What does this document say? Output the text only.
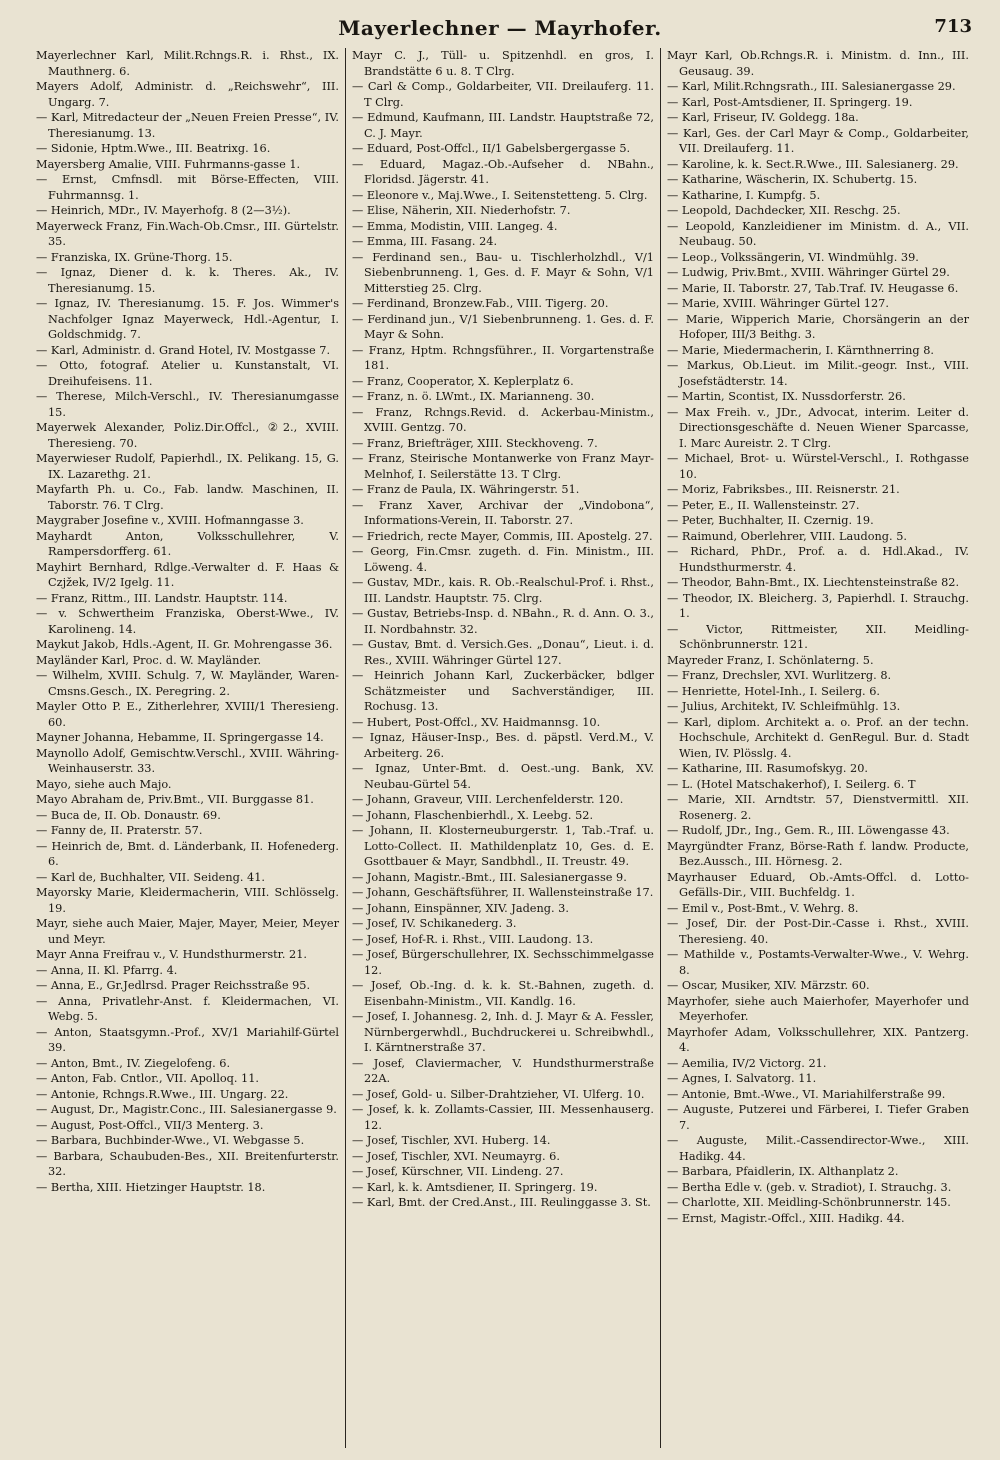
Mayerlechner — Mayrhofer.	713
Mayerlechner Karl, Milit.Rchngs.R. i. Rhst., IX. Mauthnerg. 6.
Mayers Adolf, Administr. d. „Reichswehr“, III. Ungarg. 7.
— Karl, Mitredacteur der „Neuen Freien Presse“, IV. Theresianumg. 13.
— Sidonie, Hptm.Wwe., III. Beatrixg. 16.
Mayersberg Amalie, VIII. Fuhrmanns-gasse 1.
— Ernst, Cmfnsdl. mit Börse-Effecten, VIII. Fuhrmannsg. 1.
— Heinrich, MDr., IV. Mayerhofg. 8 (2—3½).
Mayerweck Franz, Fin.Wach-Ob.Cmsr., III. Gürtelstr. 35.
— Franziska, IX. Grüne-Thorg. 15.
— Ignaz, Diener d. k. k. Theres. Ak., IV. Theresianumg. 15.
— Ignaz, IV. Theresianumg. 15. F. Jos. Wimmer's Nachfolger Ignaz Mayerweck, Hdl.-Agentur, I. Goldschmidg. 7.
— Karl, Administr. d. Grand Hotel, IV. Mostgasse 7.
— Otto, fotograf. Atelier u. Kunstanstalt, VI. Dreihufeisens. 11.
— Therese, Milch-Verschl., IV. Theresianumgasse 15.
Mayerwek Alexander, Poliz.Dir.Offcl., ②2., XVIII. Theresieng. 70.
Mayerwieser Rudolf, Papierhdl., IX. Pelikang. 15, G. IX. Lazarethg. 21.
Mayfarth Ph. u. Co., Fab. landw. Maschinen, II. Taborstr. 76. T Clrg.
Maygraber Josefine v., XVIII. Hofmanngasse 3.
Mayhardt Anton, Volksschullehrer, V. Rampersdorfferg. 61.
Mayhirt Bernhard, Rdlge.-Verwalter d. F. Haas & Czjžek, IV/2 Igelg. 11.
— Franz, Rittm., III. Landstr. Hauptstr. 114.
— v. Schwertheim Franziska, Oberst-Wwe., IV. Karolineng. 14.
Maykut Jakob, Hdls.-Agent, II. Gr. Mohrengasse 36.
Mayländer Karl, Proc. d. W. Mayländer.
— Wilhelm, XVIII. Schulg. 7, W. Mayländer, Waren-Cmsns.Gesch., IX. Peregring. 2.
Mayler Otto P. E., Zitherlehrer, XVIII/1 Theresieng. 60.
Mayner Johanna, Hebamme, II. Springergasse 14.
Maynollo Adolf, Gemischtw.Verschl., XVIII. Währing-Weinhauserstr. 33.
Mayo, siehe auch Majo.
Mayo Abraham de, Priv.Bmt., VII. Burggasse 81.
— Buca de, II. Ob. Donaustr. 69.
— Fanny de, II. Praterstr. 57.
— Heinrich de, Bmt. d. Länderbank, II. Hofenederg. 6.
— Karl de, Buchhalter, VII. Seideng. 41.
Mayorsky Marie, Kleidermacherin, VIII. Schlösselg. 19.
Mayr, siehe auch Maier, Majer, Mayer, Meier, Meyer und Meyr.
Mayr Anna Freifrau v., V. Hundsthurmerstr. 21.
— Anna, II. Kl. Pfarrg. 4.
— Anna, E., Gr.Jedlrsd. Prager Reichsstraße 95.
— Anna, Privatlehr-Anst. f. Kleidermachen, VI. Webg. 5.
— Anton, Staatsgymn.-Prof., XV/1 Mariahilf-Gürtel 39.
— Anton, Bmt., IV. Ziegelofeng. 6.
— Anton, Fab. Cntlor., VII. Apolloq. 11.
— Antonie, Rchngs.R.Wwe., III. Ungarg. 22.
— August, Dr., Magistr.Conc., III. Salesianergasse 9.
— August, Post-Offcl., VII/3 Menterg. 3.
— Barbara, Buchbinder-Wwe., VI. Webgasse 5.
— Barbara, Schaubuden-Bes., XII. Breitenfurterstr. 32.
— Bertha, XIII. Hietzinger Hauptstr. 18.
Mayr C. J., Tüll- u. Spitzenhdl. en gros, I. Brandstätte 6 u. 8. T Clrg.
— Carl & Comp., Goldarbeiter, VII. Dreilauferg. 11. T Clrg.
— Edmund, Kaufmann, III. Landstr. Hauptstraße 72, C. J. Mayr.
— Eduard, Post-Offcl., II/1 Gabelsbergergasse 5.
— Eduard, Magaz.-Ob.-Aufseher d. NBahn., Floridsd. Jägerstr. 41.
— Eleonore v., Maj.Wwe., I. Seitenstetteng. 5. Clrg.
— Elise, Näherin, XII. Niederhofstr. 7.
— Emma, Modistin, VIII. Langeg. 4.
— Emma, III. Fasang. 24.
— Ferdinand sen., Bau- u. Tischlerholzhdl., V/1 Siebenbrunneng. 1, Ges. d. F. Mayr & Sohn, V/1 Mitterstieg 25. Clrg.
— Ferdinand, Bronzew.Fab., VIII. Tigerg. 20.
— Ferdinand jun., V/1 Siebenbrunneng. 1. Ges. d. F. Mayr & Sohn.
— Franz, Hptm. Rchngsführer., II. Vorgartenstraße 181.
— Franz, Cooperator, X. Keplerplatz 6.
— Franz, n. ö. LWmt., IX. Marianneng. 30.
— Franz, Rchngs.Revid. d. Ackerbau-Ministm., XVIII. Gentzg. 70.
— Franz, Briefträger, XIII. Steckhoveng. 7.
— Franz, Steirische Montanwerke von Franz Mayr-Melnhof, I. Seilerstätte 13. T Clrg.
— Franz de Paula, IX. Währingerstr. 51.
— Franz Xaver, Archivar der „Vindobona“, Informations-Verein, II. Taborstr. 27.
— Friedrich, recte Mayer, Commis, III. Apostelg. 27.
— Georg, Fin.Cmsr. zugeth. d. Fin. Ministm., III. Löweng. 4.
— Gustav, MDr., kais. R. Ob.-Realschul-Prof. i. Rhst., III. Landstr. Hauptstr. 75. Clrg.
— Gustav, Betriebs-Insp. d. NBahn., R. d. Ann. O. 3., II. Nordbahnstr. 32.
— Gustav, Bmt. d. Versich.Ges. „Donau“, Lieut. i. d. Res., XVIII. Währinger Gürtel 127.
— Heinrich Johann Karl, Zuckerbäcker, bdlger Schätzmeister und Sachverständiger, III. Rochusg. 13.
— Hubert, Post-Offcl., XV. Haidmannsg. 10.
— Ignaz, Häuser-Insp., Bes. d. päpstl. Verd.M., V. Arbeiterg. 26.
— Ignaz, Unter-Bmt. d. Oest.-ung. Bank, XV. Neubau-Gürtel 54.
— Johann, Graveur, VIII. Lerchenfelderstr. 120.
— Johann, Flaschenbierhdl., X. Leebg. 52.
— Johann, II. Klosterneuburgerstr. 1, Tab.-Traf. u. Lotto-Collect. II. Mathildenplatz 10, Ges. d. E. Gsottbauer & Mayr, Sandbhdl., II. Treustr. 49.
— Johann, Magistr.-Bmt., III. Salesianergasse 9.
— Johann, Geschäftsführer, II. Wallensteinstraße 17.
— Johann, Einspänner, XIV. Jadeng. 3.
— Josef, IV. Schikanederg. 3.
— Josef, Hof-R. i. Rhst., VIII. Laudong. 13.
— Josef, Bürgerschullehrer, IX. Sechsschimmelgasse 12.
— Josef, Ob.-Ing. d. k. k. St.-Bahnen, zugeth. d. Eisenbahn-Ministm., VII. Kandlg. 16.
— Josef, I. Johannesg. 2, Inh. d. J. Mayr & A. Fessler, Nürnbergerwhdl., Buchdruckerei u. Schreibwhdl., I. Kärntnerstraße 37.
— Josef, Claviermacher, V. Hundsthurmerstraße 22A.
— Josef, Gold- u. Silber-Drahtzieher, VI. Ulferg. 10.
— Josef, k. k. Zollamts-Cassier, III. Messenhauserg. 12.
— Josef, Tischler, XVI. Huberg. 14.
— Josef, Tischler, XVI. Neumayrg. 6.
— Josef, Kürschner, VII. Lindeng. 27.
— Karl, k. k. Amtsdiener, II. Springerg. 19.
— Karl, Bmt. der Cred.Anst., III. Reulinggasse 3. St.
Mayr Karl, Ob.Rchngs.R. i. Ministm. d. Inn., III. Geusaug. 39.
— Karl, Milit.Rchngsrath., III. Salesianergasse 29.
— Karl, Post-Amtsdiener, II. Springerg. 19.
— Karl, Friseur, IV. Goldegg. 18a.
— Karl, Ges. der Carl Mayr & Comp., Goldarbeiter, VII. Dreilauferg. 11.
— Karoline, k. k. Sect.R.Wwe., III. Salesianerg. 29.
— Katharine, Wäscherin, IX. Schubertg. 15.
— Katharine, I. Kumpfg. 5.
— Leopold, Dachdecker, XII. Reschg. 25.
— Leopold, Kanzleidiener im Ministm. d. A., VII. Neubaug. 50.
— Leop., Volkssängerin, VI. Windmühlg. 39.
— Ludwig, Priv.Bmt., XVIII. Währinger Gürtel 29.
— Marie, II. Taborstr. 27, Tab.Traf. IV. Heugasse 6.
— Marie, XVIII. Währinger Gürtel 127.
— Marie, Wipperich Marie, Chorsängerin an der Hofoper, III/3 Beithg. 3.
— Marie, Miedermacherin, I. Kärnthnerring 8.
— Markus, Ob.Lieut. im Milit.-geogr. Inst., VIII. Josefstädterstr. 14.
— Martin, Scontist, IX. Nussdorferstr. 26.
— Max Freih. v., JDr., Advocat, interim. Leiter d. Directionsgeschäfte d. Neuen Wiener Sparcasse, I. Marc Aureistr. 2. T Clrg.
— Michael, Brot- u. Würstel-Verschl., I. Rothgasse 10.
— Moriz, Fabriksbes., III. Reisnerstr. 21.
— Peter, E., II. Wallensteinstr. 27.
— Peter, Buchhalter, II. Czernig. 19.
— Raimund, Oberlehrer, VIII. Laudong. 5.
— Richard, PhDr., Prof. a. d. Hdl.Akad., IV. Hundsthurmerstr. 4.
— Theodor, Bahn-Bmt., IX. Liechtensteinstraße 82.
— Theodor, IX. Bleicherg. 3, Papierhdl. I. Strauchg. 1.
— Victor, Rittmeister, XII. Meidling-Schönbrunnerstr. 121.
Mayreder Franz, I. Schönlaterng. 5.
— Franz, Drechsler, XVI. Wurlitzerg. 8.
— Henriette, Hotel-Inh., I. Seilerg. 6.
— Julius, Architekt, IV. Schleifmühlg. 13.
— Karl, diplom. Architekt a. o. Prof. an der techn. Hochschule, Architekt d. GenRegul. Bur. d. Stadt Wien, IV. Plösslg. 4.
— Katharine, III. Rasumofskyg. 20.
— L. (Hotel Matschakerhof), I. Seilerg. 6. T
— Marie, XII. Arndtstr. 57, Dienstvermittl. XII. Rosenerg. 2.
— Rudolf, JDr., Ing., Gem. R., III. Löwengasse 43.
Mayrgündter Franz, Börse-Rath f. landw. Producte, Bez.Aussch., III. Hörnesg. 2.
Mayrhauser Eduard, Ob.-Amts-Offcl. d. Lotto-Gefälls-Dir., VIII. Buchfeldg. 1.
— Emil v., Post-Bmt., V. Wehrg. 8.
— Josef, Dir. der Post-Dir.-Casse i. Rhst., XVIII. Theresieng. 40.
— Mathilde v., Postamts-Verwalter-Wwe., V. Wehrg. 8.
— Oscar, Musiker, XIV. Märzstr. 60.
Mayrhofer, siehe auch Maierhofer, Mayerhofer und Meyerhofer.
Mayrhofer Adam, Volksschullehrer, XIX. Pantzerg. 4.
— Aemilia, IV/2 Victorg. 21.
— Agnes, I. Salvatorg. 11.
— Antonie, Bmt.-Wwe., VI. Mariahilferstraße 99.
— Auguste, Putzerei und Färberei, I. Tiefer Graben 7.
— Auguste, Milit.-Cassendirector-Wwe., XIII. Hadikg. 44.
— Barbara, Pfaidlerin, IX. Althanplatz 2.
— Bertha Edle v. (geb. v. Stradiot), I. Strauchg. 3.
— Charlotte, XII. Meidling-Schönbrunnerstr. 145.
— Ernst, Magistr.-Offcl., XIII. Hadikg. 44.
